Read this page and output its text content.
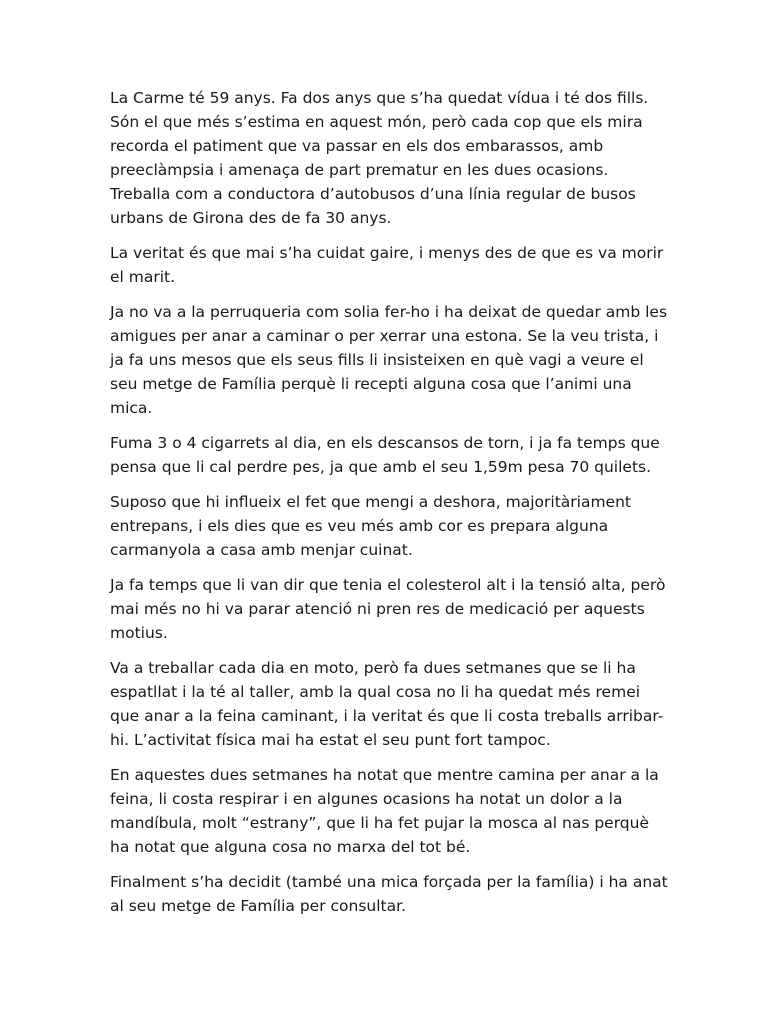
La Carme té 59 anys. Fa dos anys que s’ha quedat vídua i té dos fills. Són el que més s’estima en aquest món, però cada cop que els mira recorda el patiment que va passar en els dos embarassos, amb preeclàmpsia i amenaça de part prematur en les dues ocasions. Treballa com a conductora d’autobusos d’una línia regular de busos urbans de Girona des de fa 30 anys.

La veritat és que mai s’ha cuidat gaire, i menys des de que es va morir el marit.

Ja no va a la perruqueria com solia fer-ho i ha deixat de quedar amb les amigues per anar a caminar o per xerrar una estona. Se la veu trista, i ja fa uns mesos que els seus fills li insisteixen en què vagi a veure el seu metge de Família perquè li recepti alguna cosa que l’animi una mica.

Fuma 3 o 4 cigarrets al dia, en els descansos de torn, i ja fa temps que pensa que li cal perdre pes, ja que amb el seu 1,59m pesa 70 quilets.

Suposo que hi influeix el fet que mengi a deshora, majoritàriament entrepans, i els dies que es veu més amb cor es prepara alguna carmanyola a casa amb menjar cuinat.

Ja fa temps que li van dir que tenia el colesterol alt i la tensió alta, però mai més no hi va parar atenció ni pren res de medicació per aquests motius.

Va a treballar cada dia en moto, però fa dues setmanes que se li ha espatllat i la té al taller, amb la qual cosa no li ha quedat més remei que anar a la feina caminant, i la veritat és que li costa treballs arribar-hi. L’activitat física mai ha estat el seu punt fort tampoc.

En aquestes dues setmanes ha notat que mentre camina per anar a la feina, li costa respirar i en algunes ocasions ha notat un dolor a la mandíbula, molt “estrany”, que li ha fet pujar la mosca al nas perquè ha notat que alguna cosa no marxa del tot bé.

Finalment s’ha decidit (també una mica forçada per la família) i ha anat al seu metge de Família per consultar.
